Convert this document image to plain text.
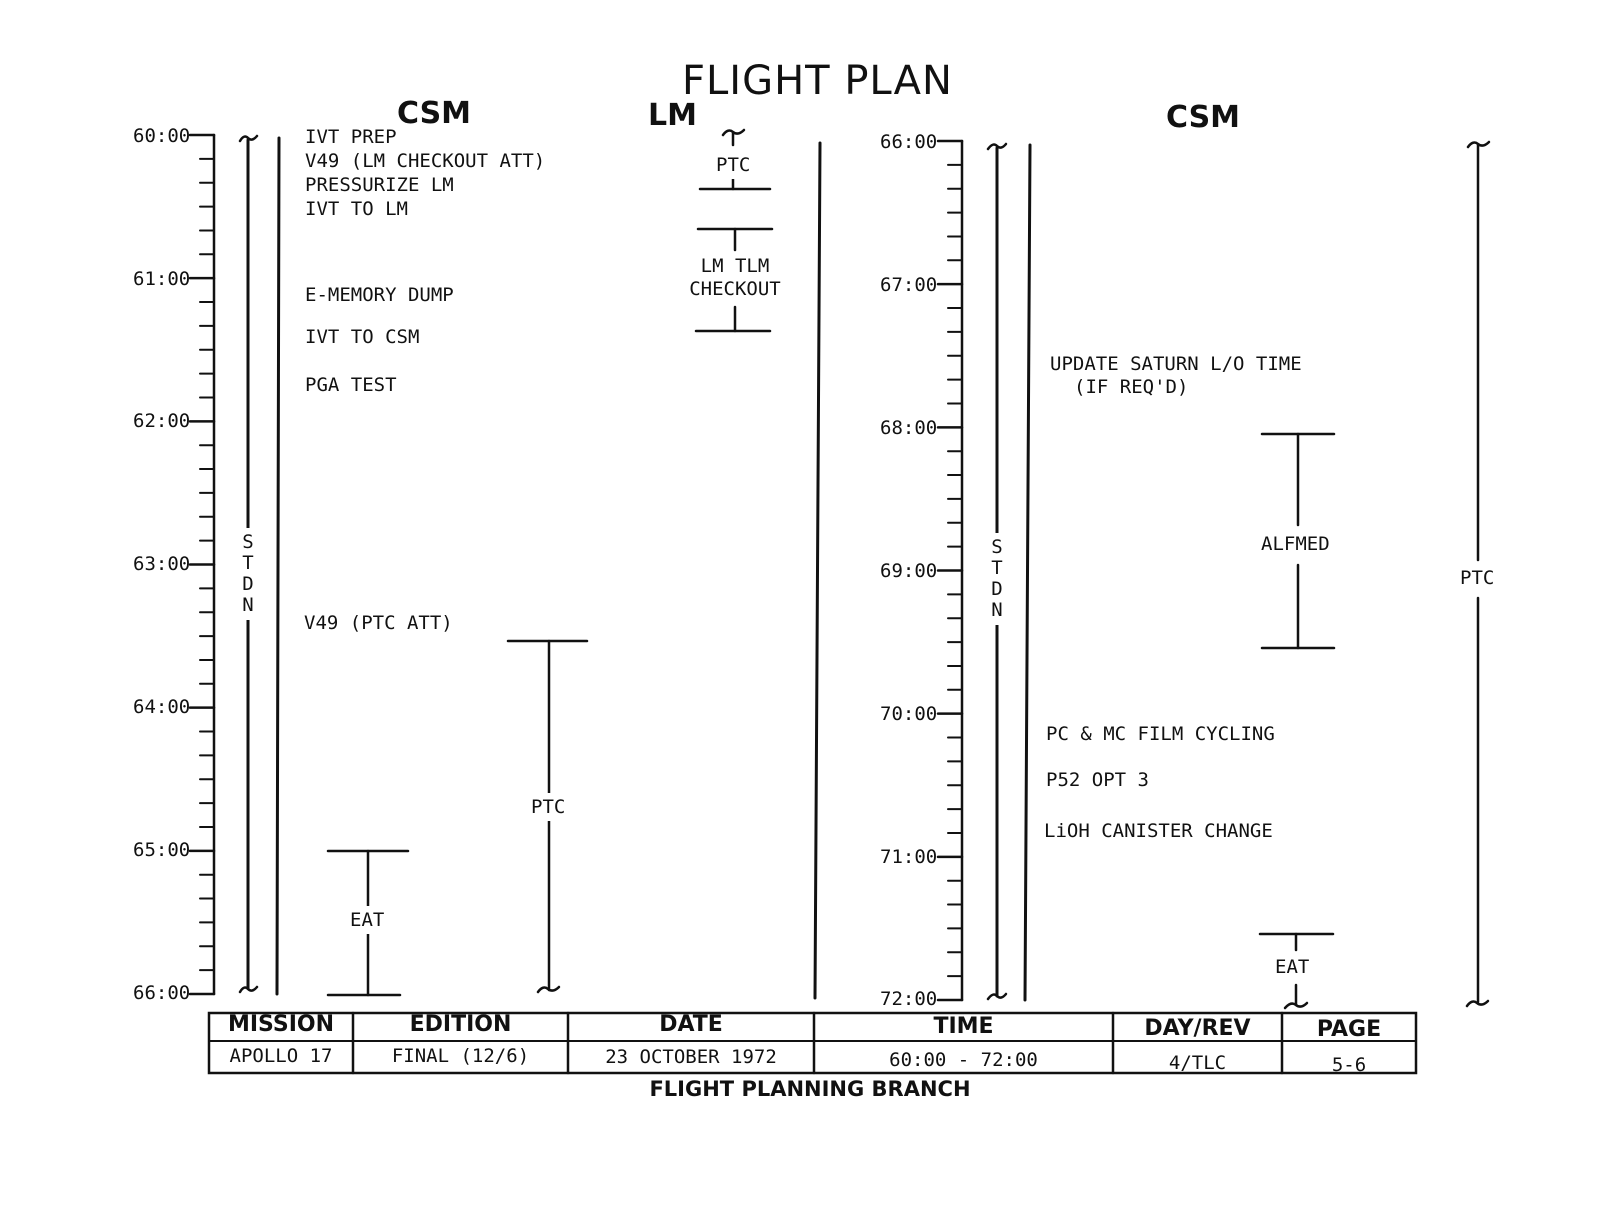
FLIGHT PLAN
CSM	LM	CSM
60:00
61:00
62:00
63:00
64:00
65:00
66:00
S
T
D
N
IVT PREP
V49 (LM CHECKOUT ATT)
PRESSURIZE LM
IVT TO LM
E-MEMORY DUMP
IVT TO CSM
PGA TEST
V49 (PTC ATT)
EAT
PTC
PTC
LM TLM
CHECKOUT
66:00
67:00
68:00
69:00
70:00
71:00
72:00
S
T
D
N
UPDATE SATURN L/O TIME
(IF REQ'D)
PC & MC FILM CYCLING
P52 OPT 3
LiOH CANISTER CHANGE
ALFMED
EAT
PTC
MISSION	EDITION	DATE	TIME	DAY/REV	PAGE
APOLLO 17	FINAL (12/6)	23 OCTOBER 1972	60:00 - 72:00	4/TLC	5-6
FLIGHT PLANNING BRANCH
